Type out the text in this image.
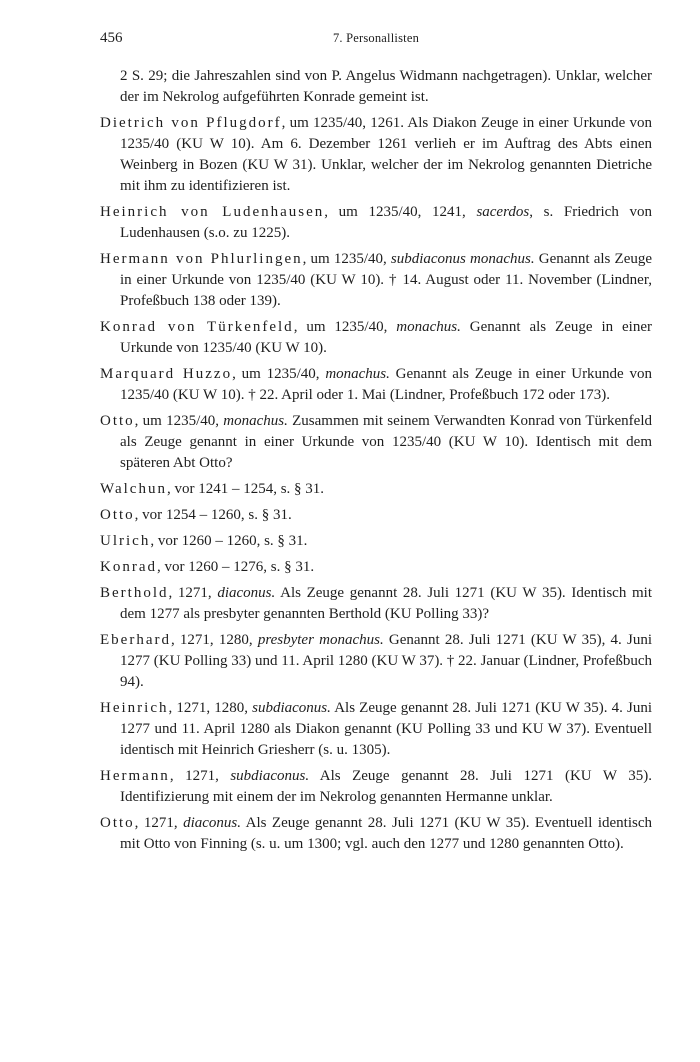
456	7. Personallisten

2 S. 29; die Jahreszahlen sind von P. Angelus Widmann nachgetragen). Unklar, welcher der im Nekrolog aufgeführten Konrade gemeint ist.

Dietrich von Pflugdorf, um 1235/40, 1261. Als Diakon Zeuge in einer Urkunde von 1235/40 (KU W 10). Am 6. Dezember 1261 verlieh er im Auftrag des Abts einen Weinberg in Bozen (KU W 31). Unklar, welcher der im Nekrolog genannten Dietriche mit ihm zu identifizieren ist.

Heinrich von Ludenhausen, um 1235/40, 1241, sacerdos, s. Friedrich von Ludenhausen (s.o. zu 1225).

Hermann von Phlurlingen, um 1235/40, subdiaconus monachus. Genannt als Zeuge in einer Urkunde von 1235/40 (KU W 10). † 14. August oder 11. November (Lindner, Profeßbuch 138 oder 139).

Konrad von Türkenfeld, um 1235/40, monachus. Genannt als Zeuge in einer Urkunde von 1235/40 (KU W 10).

Marquard Huzzo, um 1235/40, monachus. Genannt als Zeuge in einer Urkunde von 1235/40 (KU W 10). † 22. April oder 1. Mai (Lindner, Profeßbuch 172 oder 173).

Otto, um 1235/40, monachus. Zusammen mit seinem Verwandten Konrad von Türkenfeld als Zeuge genannt in einer Urkunde von 1235/40 (KU W 10). Identisch mit dem späteren Abt Otto?

Walchun, vor 1241 – 1254, s. § 31.

Otto, vor 1254 – 1260, s. § 31.

Ulrich, vor 1260 – 1260, s. § 31.

Konrad, vor 1260 – 1276, s. § 31.

Berthold, 1271, diaconus. Als Zeuge genannt 28. Juli 1271 (KU W 35). Identisch mit dem 1277 als presbyter genannten Berthold (KU Polling 33)?

Eberhard, 1271, 1280, presbyter monachus. Genannt 28. Juli 1271 (KU W 35), 4. Juni 1277 (KU Polling 33) und 11. April 1280 (KU W 37). † 22. Januar (Lindner, Profeßbuch 94).

Heinrich, 1271, 1280, subdiaconus. Als Zeuge genannt 28. Juli 1271 (KU W 35). 4. Juni 1277 und 11. April 1280 als Diakon genannt (KU Polling 33 und KU W 37). Eventuell identisch mit Heinrich Griesherr (s. u. 1305).

Hermann, 1271, subdiaconus. Als Zeuge genannt 28. Juli 1271 (KU W 35). Identifizierung mit einem der im Nekrolog genannten Hermanne unklar.

Otto, 1271, diaconus. Als Zeuge genannt 28. Juli 1271 (KU W 35). Eventuell identisch mit Otto von Finning (s. u. um 1300; vgl. auch den 1277 und 1280 genannten Otto).
